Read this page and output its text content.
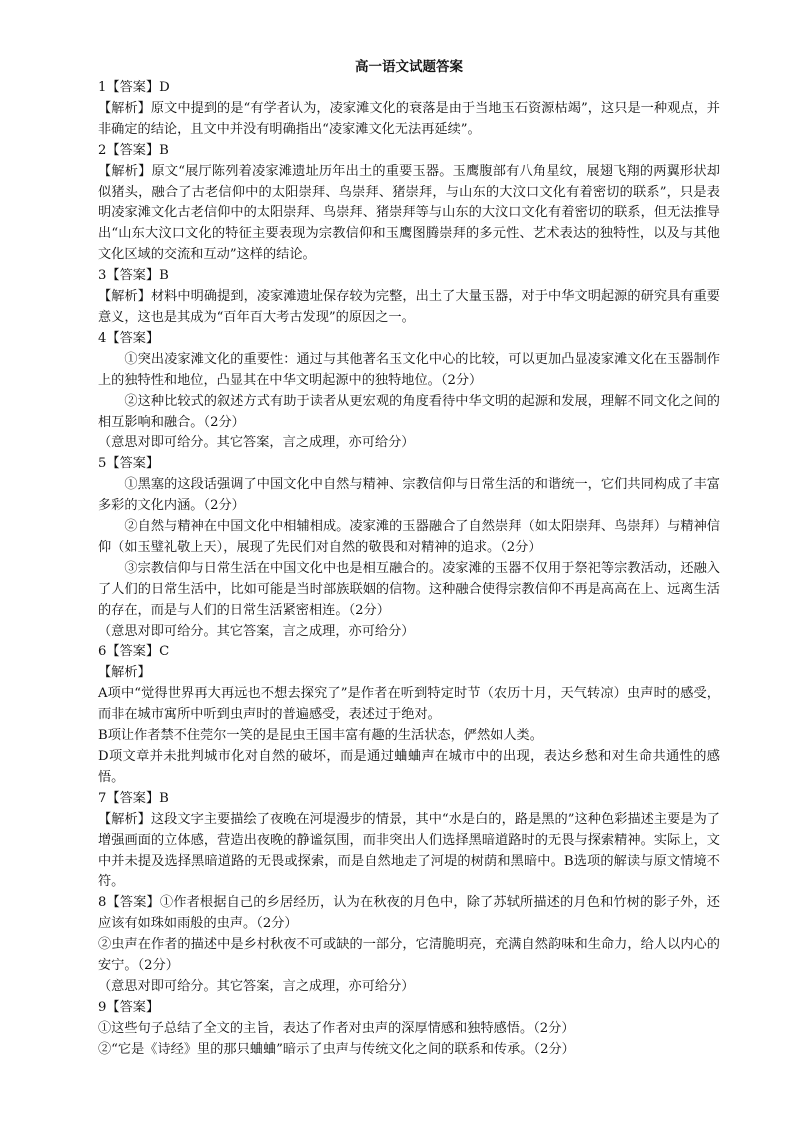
高一语文试题答案

1【答案】D

【解析】原文中提到的是“有学者认为，凌家滩文化的衰落是由于当地玉石资源枯竭”，这只是一种观点，并非确定的结论，且文中并没有明确指出“凌家滩文化无法再延续”。

2【答案】B

【解析】原文“展厅陈列着凌家滩遗址历年出土的重要玉器。玉鹰腹部有八角星纹，展翅飞翔的两翼形状却似猪头，融合了古老信仰中的太阳崇拜、鸟崇拜、猪崇拜，与山东的大汶口文化有着密切的联系”，只是表明凌家滩文化古老信仰中的太阳崇拜、鸟崇拜、猪崇拜等与山东的大汶口文化有着密切的联系，但无法推导出“山东大汶口文化的特征主要表现为宗教信仰和玉鹰图腾崇拜的多元性、艺术表达的独特性，以及与其他文化区域的交流和互动”这样的结论。

3【答案】B

【解析】材料中明确提到，凌家滩遗址保存较为完整，出土了大量玉器，对于中华文明起源的研究具有重要意义，这也是其成为“百年百大考古发现”的原因之一。

4【答案】

①突出凌家滩文化的重要性：通过与其他著名玉文化中心的比较，可以更加凸显凌家滩文化在玉器制作上的独特性和地位，凸显其在中华文明起源中的独特地位。（2分）

②这种比较式的叙述方式有助于读者从更宏观的角度看待中华文明的起源和发展，理解不同文化之间的相互影响和融合。（2分）

（意思对即可给分。其它答案，言之成理，亦可给分）

5【答案】

①黑塞的这段话强调了中国文化中自然与精神、宗教信仰与日常生活的和谐统一，它们共同构成了丰富多彩的文化内涵。（2分）

②自然与精神在中国文化中相辅相成。凌家滩的玉器融合了自然崇拜（如太阳崇拜、鸟崇拜）与精神信仰（如玉璧礼敬上天），展现了先民们对自然的敬畏和对精神的追求。（2分）

③宗教信仰与日常生活在中国文化中也是相互融合的。凌家滩的玉器不仅用于祭祀等宗教活动，还融入了人们的日常生活中，比如可能是当时部族联姻的信物。这种融合使得宗教信仰不再是高高在上、远离生活的存在，而是与人们的日常生活紧密相连。（2分）

（意思对即可给分。其它答案，言之成理，亦可给分）

6【答案】C

【解析】

A项中“觉得世界再大再远也不想去探究了”是作者在听到特定时节（农历十月，天气转凉）虫声时的感受，而非在城市寓所中听到虫声时的普遍感受，表述过于绝对。

B项让作者禁不住莞尔一笑的是昆虫王国丰富有趣的生活状态，俨然如人类。

D项文章并未批判城市化对自然的破坏，而是通过蛐蛐声在城市中的出现，表达乡愁和对生命共通性的感悟。

7【答案】B

【解析】这段文字主要描绘了夜晚在河堤漫步的情景，其中“水是白的，路是黑的”这种色彩描述主要是为了增强画面的立体感，营造出夜晚的静谧氛围，而非突出人们选择黑暗道路时的无畏与探索精神。实际上，文中并未提及选择黑暗道路的无畏或探索，而是自然地走了河堤的树荫和黑暗中。B选项的解读与原文情境不符。

8【答案】①作者根据自己的乡居经历，认为在秋夜的月色中，除了苏轼所描述的月色和竹树的影子外，还应该有如珠如雨般的虫声。（2分）

②虫声在作者的描述中是乡村秋夜不可或缺的一部分，它清脆明亮，充满自然韵味和生命力，给人以内心的安宁。（2分）

（意思对即可给分。其它答案，言之成理，亦可给分）

9【答案】

①这些句子总结了全文的主旨，表达了作者对虫声的深厚情感和独特感悟。（2分）

②“它是《诗经》里的那只蛐蛐”暗示了虫声与传统文化之间的联系和传承。（2分）
